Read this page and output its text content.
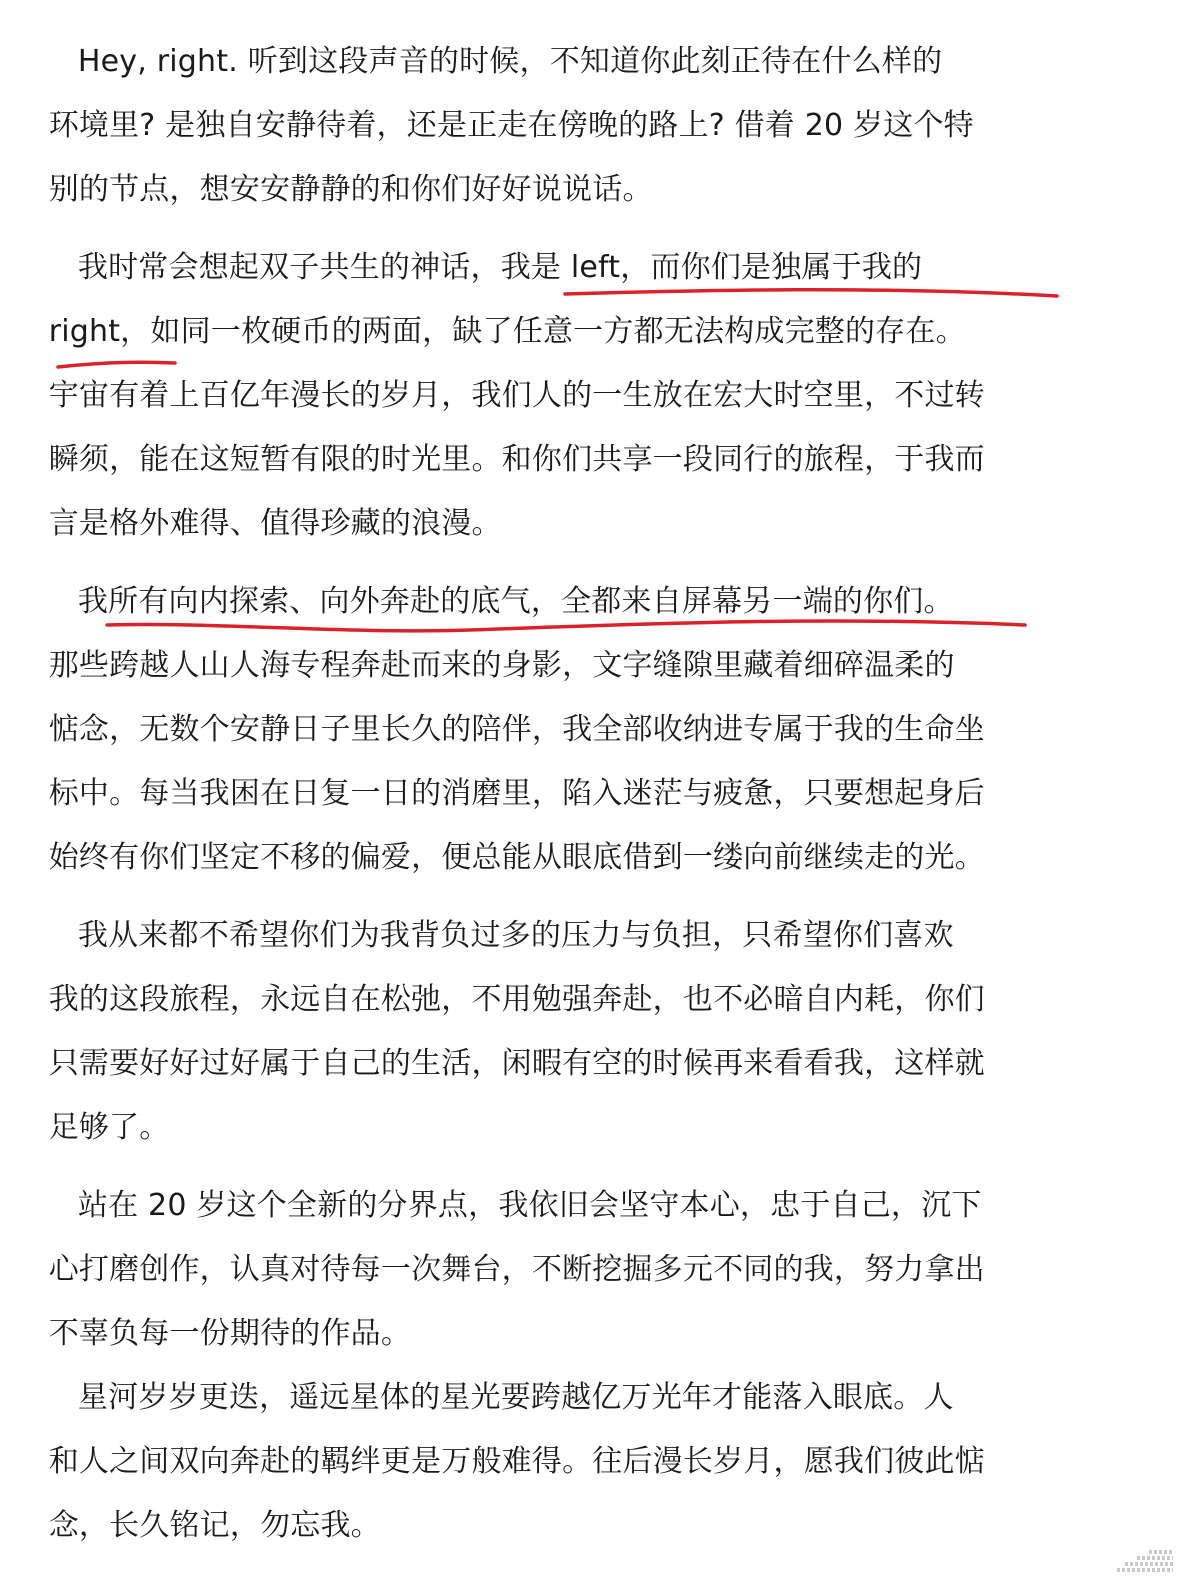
Hey, right. 听到这段声音的时候，不知道你此刻正待在什么样的
环境里? 是独自安静待着，还是正走在傍晚的路上? 借着 20 岁这个特
别的节点，想安安静静的和你们好好说说话。
我时常会想起双子共生的神话，我是 left，而你们是独属于我的
right，如同一枚硬币的两面，缺了任意一方都无法构成完整的存在。
宇宙有着上百亿年漫长的岁月，我们人的一生放在宏大时空里，不过转
瞬须，能在这短暂有限的时光里。和你们共享一段同行的旅程，于我而
言是格外难得、值得珍藏的浪漫。
我所有向内探索、向外奔赴的底气，全都来自屏幕另一端的你们。
那些跨越人山人海专程奔赴而来的身影，文字缝隙里藏着细碎温柔的
惦念，无数个安静日子里长久的陪伴，我全部收纳进专属于我的生命坐
标中。每当我困在日复一日的消磨里，陷入迷茫与疲惫，只要想起身后
始终有你们坚定不移的偏爱，便总能从眼底借到一缕向前继续走的光。
我从来都不希望你们为我背负过多的压力与负担，只希望你们喜欢
我的这段旅程，永远自在松弛，不用勉强奔赴，也不必暗自内耗，你们
只需要好好过好属于自己的生活，闲暇有空的时候再来看看我，这样就
足够了。
站在 20 岁这个全新的分界点，我依旧会坚守本心，忠于自己，沉下
心打磨创作，认真对待每一次舞台，不断挖掘多元不同的我，努力拿出
不辜负每一份期待的作品。
星河岁岁更迭，遥远星体的星光要跨越亿万光年才能落入眼底。人
和人之间双向奔赴的羁绊更是万般难得。往后漫长岁月，愿我们彼此惦
念，长久铭记，勿忘我。
